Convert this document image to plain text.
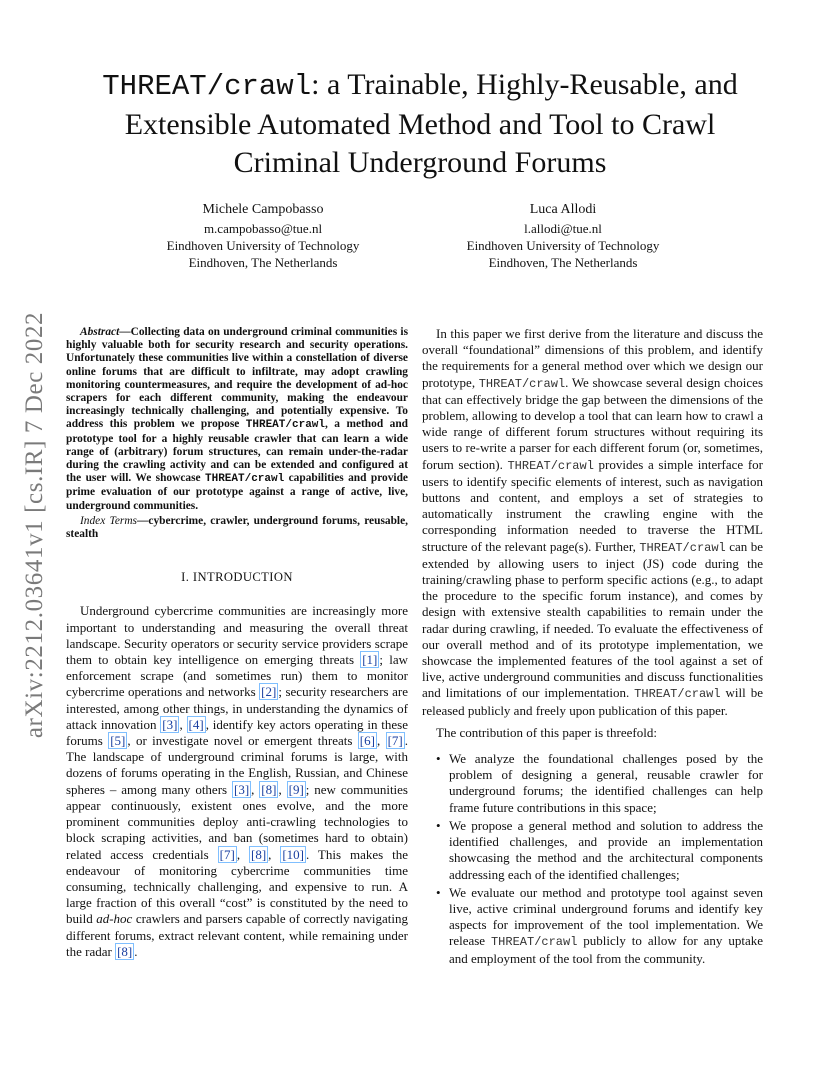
arXiv:2212.03641v1 [cs.IR] 7 Dec 2022
THREAT/crawl: a Trainable, Highly-Reusable, and Extensible Automated Method and Tool to Crawl Criminal Underground Forums
Michele Campobasso
m.campobasso@tue.nl
Eindhoven University of Technology
Eindhoven, The Netherlands
Luca Allodi
l.allodi@tue.nl
Eindhoven University of Technology
Eindhoven, The Netherlands

Abstract—Collecting data on underground criminal communities is highly valuable both for security research and security operations. Unfortunately these communities live within a constellation of diverse online forums that are difficult to infiltrate, may adopt crawling monitoring countermeasures, and require the development of ad-hoc scrapers for each different community, making the endeavour increasingly technically challenging, and potentially expensive. To address this problem we propose THREAT/crawl, a method and prototype tool for a highly reusable crawler that can learn a wide range of (arbitrary) forum structures, can remain under-the-radar during the crawling activity and can be extended and configured at the user will. We showcase THREAT/crawl capabilities and provide prime evaluation of our prototype against a range of active, live, underground communities.

Index Terms—cybercrime, crawler, underground forums, reusable, stealth

I. INTRODUCTION

Underground cybercrime communities are increasingly more important to understanding and measuring the overall threat landscape. Security operators or security service providers scrape them to obtain key intelligence on emerging threats [1] ; law enforcement scrape (and sometimes run) them to monitor cybercrime operations and networks [2] ; security researchers are interested, among other things, in understanding the dynamics of attack innovation [3] , [4] , identify key actors operating in these forums [5] , or investigate novel or emergent threats [6] , [7] . The landscape of underground criminal forums is large, with dozens of forums operating in the English, Russian, and Chinese spheres – among many others [3] , [8] , [9] ; new communities appear continuously, existent ones evolve, and the more prominent communities deploy anti-crawling technologies to block scraping activities, and ban (sometimes hard to obtain) related access credentials [7] , [8] , [10] . This makes the endeavour of monitoring cybercrime communities time consuming, technically challenging, and expensive to run. A large fraction of this overall “cost” is constituted by the need to build ad-hoc crawlers and parsers capable of correctly navigating different forums, extract relevant content, while remaining under the radar [8] .

In this paper we first derive from the literature and discuss the overall “foundational” dimensions of this problem, and identify the requirements for a general method over which we design our prototype, THREAT/crawl. We showcase several design choices that can effectively bridge the gap between the dimensions of the problem, allowing to develop a tool that can learn how to crawl a wide range of different forum structures without requiring its users to re-write a parser for each different forum (or, sometimes, forum section). THREAT/crawl provides a simple interface for users to identify specific elements of interest, such as navigation buttons and content, and employs a set of strategies to automatically instrument the crawling engine with the corresponding information needed to traverse the HTML structure of the relevant page(s). Further, THREAT/crawl can be extended by allowing users to inject (JS) code during the training/crawling phase to perform specific actions (e.g., to adapt the procedure to the specific forum instance), and comes by design with extensive stealth capabilities to remain under the radar during crawling, if needed. To evaluate the effectiveness of our overall method and of its prototype implementation, we showcase the implemented features of the tool against a set of live, active underground communities and discuss functionalities and limitations of our implementation. THREAT/crawl will be released publicly and freely upon publication of this paper.

The contribution of this paper is threefold:

• We analyze the foundational challenges posed by the problem of designing a general, reusable crawler for underground forums; the identified challenges can help frame future contributions in this space;
• We propose a general method and solution to address the identified challenges, and provide an implementation showcasing the method and the architectural components addressing each of the identified challenges;
• We evaluate our method and prototype tool against seven live, active criminal underground forums and identify key aspects for improvement of the tool implementation. We release THREAT/crawl publicly to allow for any uptake and employment of the tool from the community.
